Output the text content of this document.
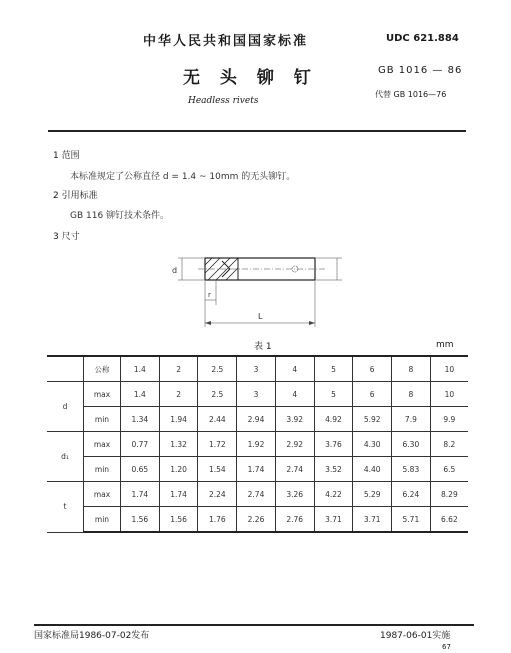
中华人民共和国国家标准	UDC 621.884
无 头 铆 钉	GB 1016 — 86
Headless rivets
代替 GB 1016—76
1 范围
本标准规定了公称直径 d = 1.4 ~ 10mm 的无头铆钉。
2 引用标准
GB 116 铆钉技术条件。
3 尺寸
d
r
L
表 1	mm
	公称	1.4	2	2.5	3	4	5	6	8	10
d	max	1.4	2	2.5	3	4	5	6	8	10
	min	1.34	1.94	2.44	2.94	3.92	4.92	5.92	7.9	9.9
d₁	max	0.77	1.32	1.72	1.92	2.92	3.76	4.30	6.30	8.2
	min	0.65	1.20	1.54	1.74	2.74	3.52	4.40	5.83	6.5
t	max	1.74	1.74	2.24	2.74	3.26	4.22	5.29	6.24	8.29
	min	1.56	1.56	1.76	2.26	2.76	3.71	3.71	5.71	6.62
国家标准局1986-07-02发布	1987-06-01实施
67
